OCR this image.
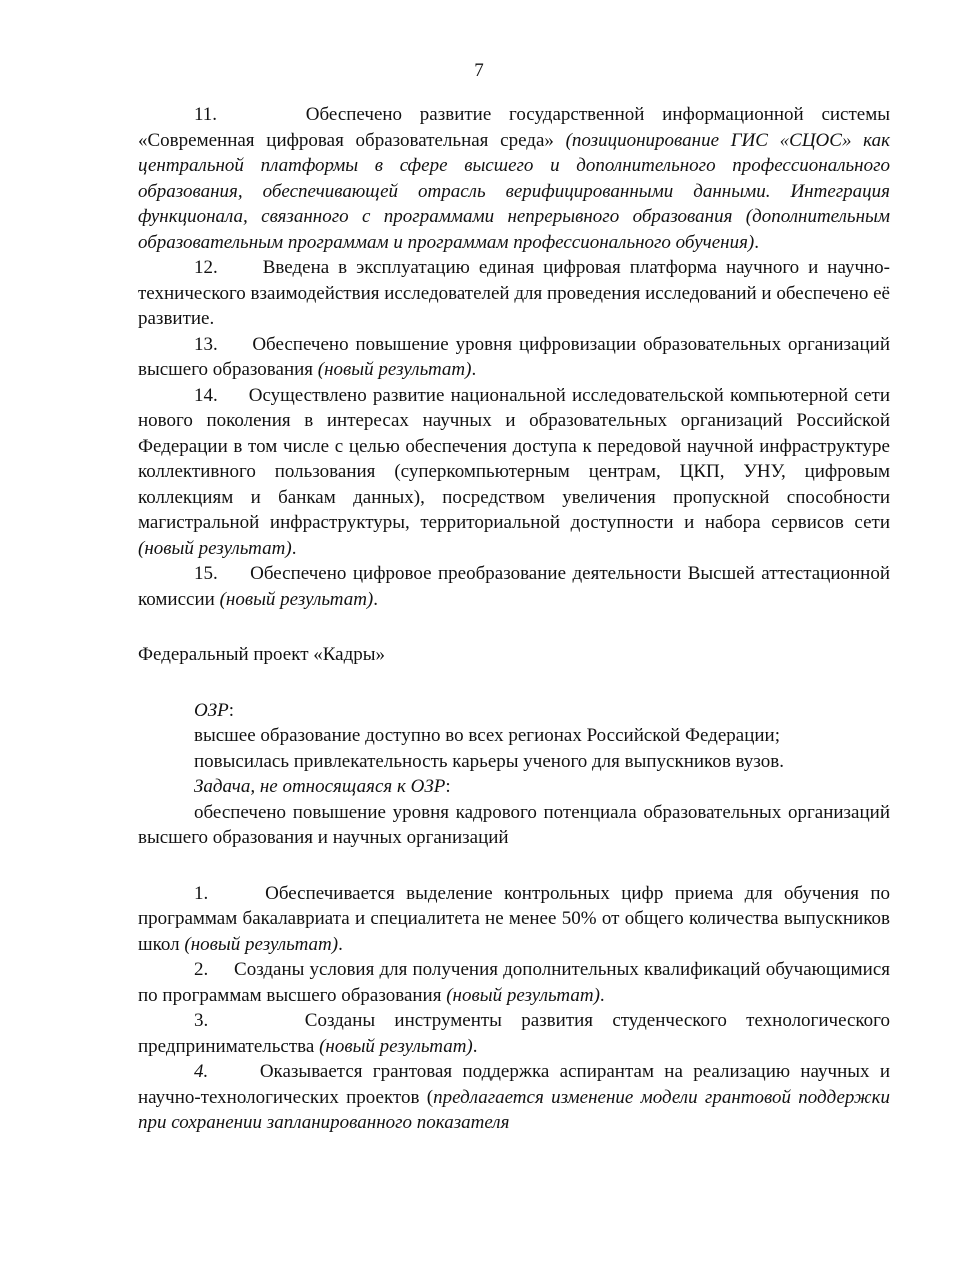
7

11.	Обеспечено развитие государственной информационной системы «Современная цифровая образовательная среда» (позиционирование ГИС «СЦОС» как центральной платформы в сфере высшего и дополнительного профессионального образования, обеспечивающей отрасль верифицированными данными. Интеграция функционала, связанного с программами непрерывного образования (дополнительным образовательным программам и программам профессионального обучения).

12. Введена в эксплуатацию единая цифровая платформа научного и научно-технического взаимодействия исследователей для проведения исследований и обеспечено её развитие.

13. Обеспечено повышение уровня цифровизации образовательных организаций высшего образования (новый результат).

14. Осуществлено развитие национальной исследовательской компьютерной сети нового поколения в интересах научных и образовательных организаций Российской Федерации в том числе с целью обеспечения доступа к передовой научной инфраструктуре коллективного пользования (суперкомпьютерным центрам, ЦКП, УНУ, цифровым коллекциям и банкам данных), посредством увеличения пропускной способности магистральной инфраструктуры, территориальной доступности и набора сервисов сети (новый результат).

15. Обеспечено цифровое преобразование деятельности Высшей аттестационной комиссии (новый результат).

Федеральный проект «Кадры»

ОЗР:

высшее образование доступно во всех регионах Российской Федерации;

повысилась привлекательность карьеры ученого для выпускников вузов.

Задача, не относящаяся к ОЗР:

обеспечено повышение уровня кадрового потенциала образовательных организаций высшего образования и научных организаций

1.	Обеспечивается выделение контрольных цифр приема для обучения по программам бакалавриата и специалитета не менее 50% от общего количества выпускников школ (новый результат).

2. Созданы условия для получения дополнительных квалификаций обучающимися по программам высшего образования (новый результат).

3.	Созданы инструменты развития студенческого технологического предпринимательства (новый результат).

4.	Оказывается грантовая поддержка аспирантам на реализацию научных и научно-технологических проектов (предлагается изменение модели грантовой поддержки при сохранении запланированного показателя
